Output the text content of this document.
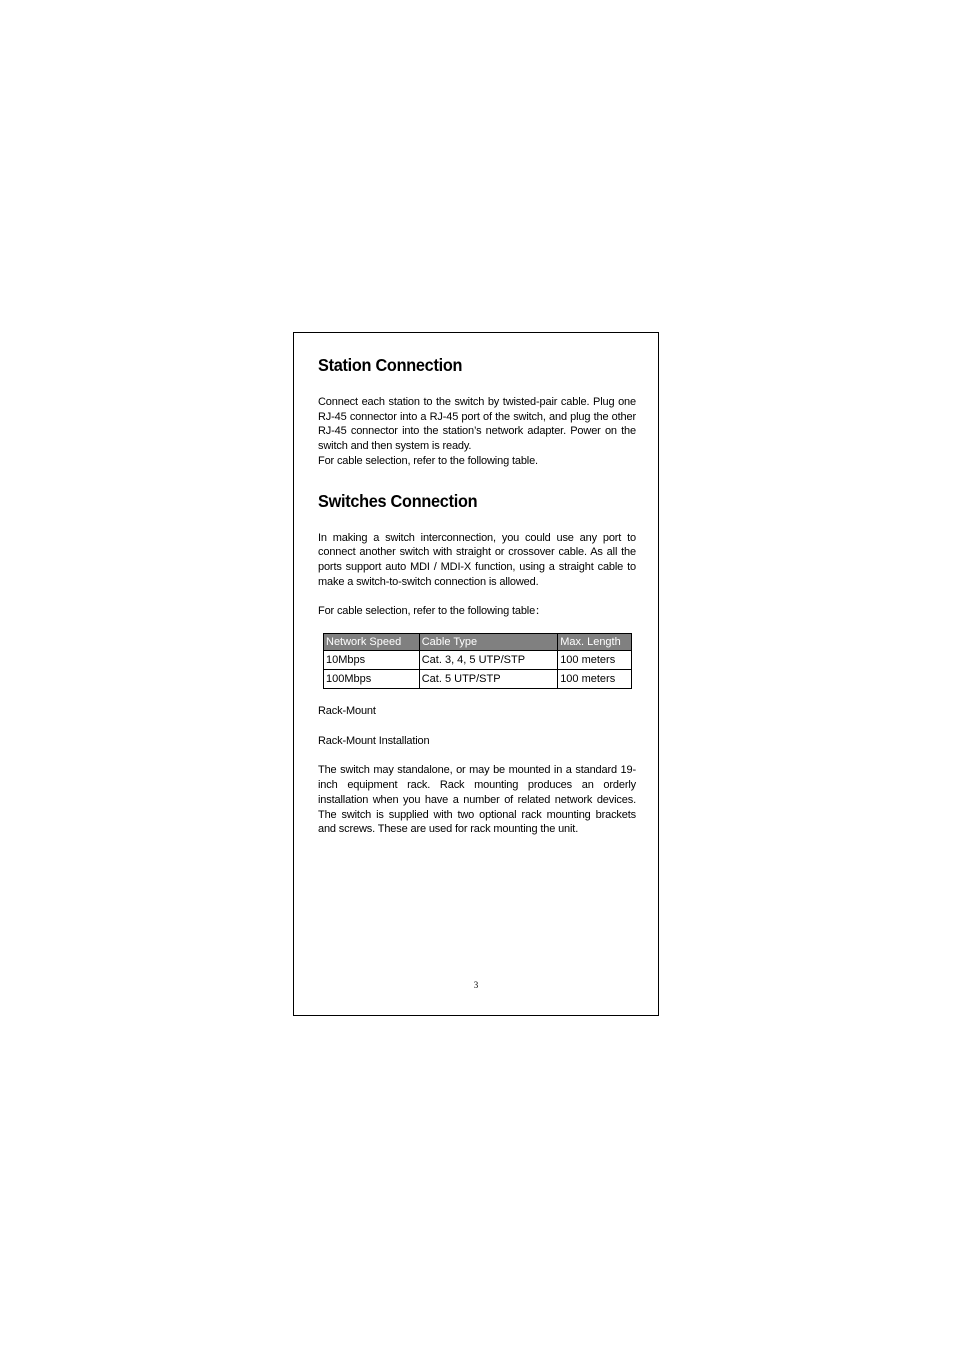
Station Connection

Connect each station to the switch by twisted-pair cable. Plug one RJ-45 connector into a RJ-45 port of the switch, and plug the other RJ-45 connector into the station’s network adapter. Power on the switch and then system is ready.

For cable selection, refer to the following table.

Switches Connection

In making a switch interconnection, you could use any port to connect another switch with straight or crossover cable. As all the ports support auto MDI / MDI-X function, using a straight cable to make a switch-to-switch connection is allowed.

For cable selection, refer to the following table：

Network Speed	Cable Type	Max. Length
10Mbps	Cat. 3, 4, 5 UTP/STP	100 meters
100Mbps	Cat. 5 UTP/STP	100 meters

Rack-Mount

Rack-Mount Installation

The switch may standalone, or may be mounted in a standard 19-inch equipment rack. Rack mounting produces an orderly installation when you have a number of related network devices. The switch is supplied with two optional rack mounting brackets and screws. These are used for rack mounting the unit.

3
